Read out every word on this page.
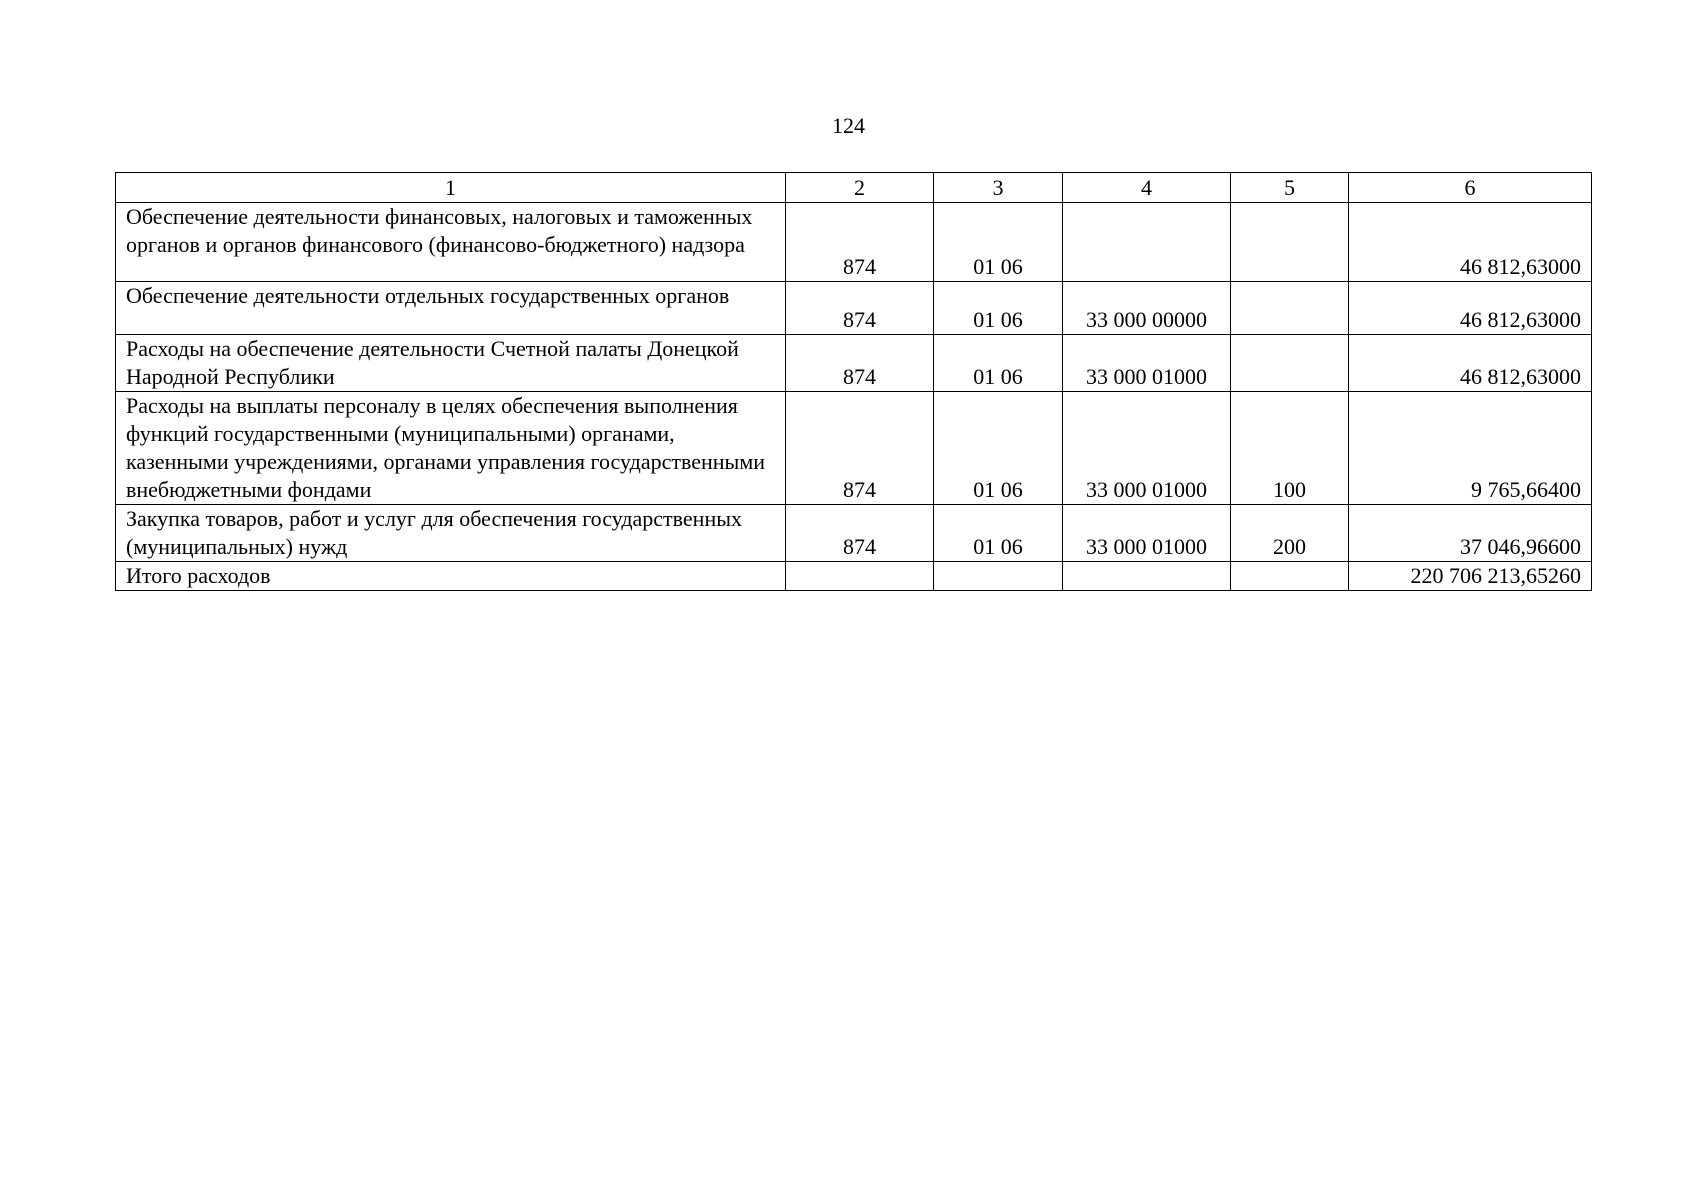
124
1	2	3	4	5	6
Обеспечение деятельности финансовых, налоговых и таможенных органов и органов финансового (финансово-бюджетного) надзора	874	01 06			46 812,63000
Обеспечение деятельности отдельных государственных органов	874	01 06	33 000 00000		46 812,63000
Расходы на обеспечение деятельности Счетной палаты Донецкой Народной Республики	874	01 06	33 000 01000		46 812,63000
Расходы на выплаты персоналу в целях обеспечения выполнения функций государственными (муниципальными) органами, казенными учреждениями, органами управления государственными внебюджетными фондами	874	01 06	33 000 01000	100	9 765,66400
Закупка товаров, работ и услуг для обеспечения государственных (муниципальных) нужд	874	01 06	33 000 01000	200	37 046,96600
Итого расходов					220 706 213,65260
